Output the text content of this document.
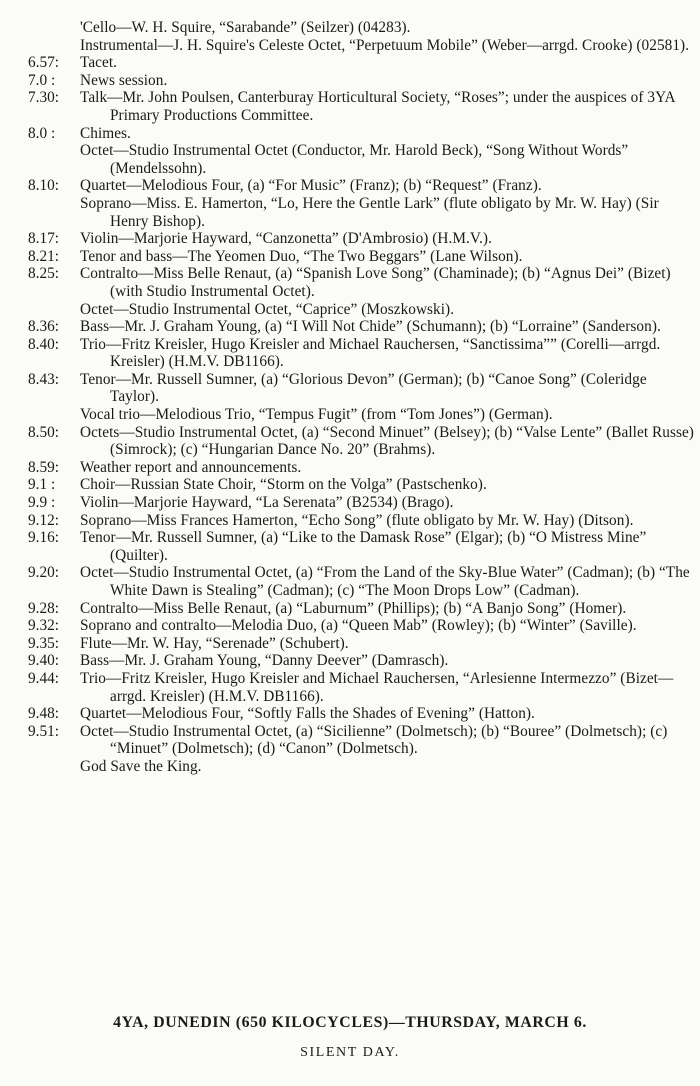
'Cello—W. H. Squire, “Sarabande” (Seilzer) (04283).
Instrumental—J. H. Squire's Celeste Octet, “Perpetuum Mobile” (Weber—arrgd. Crooke) (02581).
6.57:	Tacet.
7.0 :	News session.
7.30:	Talk—Mr. John Poulsen, Canterburay Horticultural Society, “Roses”; under the auspices of 3YA Primary Productions Committee.
8.0 :	Chimes.
Octet—Studio Instrumental Octet (Conductor, Mr. Harold Beck), “Song Without Words” (Mendelssohn).
8.10:	Quartet—Melodious Four, (a) “For Music” (Franz); (b) “Request” (Franz).
Soprano—Miss. E. Hamerton, “Lo, Here the Gentle Lark” (flute obligato by Mr. W. Hay) (Sir Henry Bishop).
8.17:	Violin—Marjorie Hayward, “Canzonetta” (D'Ambrosio) (H.M.V.).
8.21:	Tenor and bass—The Yeomen Duo, “The Two Beggars” (Lane Wilson).
8.25:	Contralto—Miss Belle Renaut, (a) “Spanish Love Song” (Chaminade); (b) “Agnus Dei” (Bizet) (with Studio Instrumental Octet).
Octet—Studio Instrumental Octet, “Caprice” (Moszkowski).
8.36:	Bass—Mr. J. Graham Young, (a) “I Will Not Chide” (Schumann); (b) “Lorraine” (Sanderson).
8.40:	Trio—Fritz Kreisler, Hugo Kreisler and Michael Rauchersen, “Sanctissima”” (Corelli—arrgd. Kreisler) (H.M.V. DB1166).
8.43:	Tenor—Mr. Russell Sumner, (a) “Glorious Devon” (German); (b) “Canoe Song” (Coleridge Taylor).
Vocal trio—Melodious Trio, “Tempus Fugit” (from “Tom Jones”) (German).
8.50:	Octets—Studio Instrumental Octet, (a) “Second Minuet” (Belsey); (b) “Valse Lente” (Ballet Russe) (Simrock); (c) “Hungarian Dance No. 20” (Brahms).
8.59:	Weather report and announcements.
9.1 :	Choir—Russian State Choir, “Storm on the Volga” (Pastschenko).
9.9 :	Violin—Marjorie Hayward, “La Serenata” (B2534) (Brago).
9.12:	Soprano—Miss Frances Hamerton, “Echo Song” (flute obligato by Mr. W. Hay) (Ditson).
9.16:	Tenor—Mr. Russell Sumner, (a) “Like to the Damask Rose” (Elgar); (b) “O Mistress Mine” (Quilter).
9.20:	Octet—Studio Instrumental Octet, (a) “From the Land of the Sky-Blue Water” (Cadman); (b) “The White Dawn is Stealing” (Cadman); (c) “The Moon Drops Low” (Cadman).
9.28:	Contralto—Miss Belle Renaut, (a) “Laburnum” (Phillips); (b) “A Banjo Song” (Homer).
9.32:	Soprano and contralto—Melodia Duo, (a) “Queen Mab” (Rowley); (b) “Winter” (Saville).
9.35:	Flute—Mr. W. Hay, “Serenade” (Schubert).
9.40:	Bass—Mr. J. Graham Young, “Danny Deever” (Damrasch).
9.44:	Trio—Fritz Kreisler, Hugo Kreisler and Michael Rauchersen, “Arlesienne Intermezzo” (Bizet—arrgd. Kreisler) (H.M.V. DB1166).
9.48:	Quartet—Melodious Four, “Softly Falls the Shades of Evening” (Hatton).
9.51:	Octet—Studio Instrumental Octet, (a) “Sicilienne” (Dolmetsch); (b) “Bouree” (Dolmetsch); (c) “Minuet” (Dolmetsch); (d) “Canon” (Dolmetsch).
God Save the King.
4YA, DUNEDIN (650 KILOCYCLES)—THURSDAY, MARCH 6.
SILENT DAY.
